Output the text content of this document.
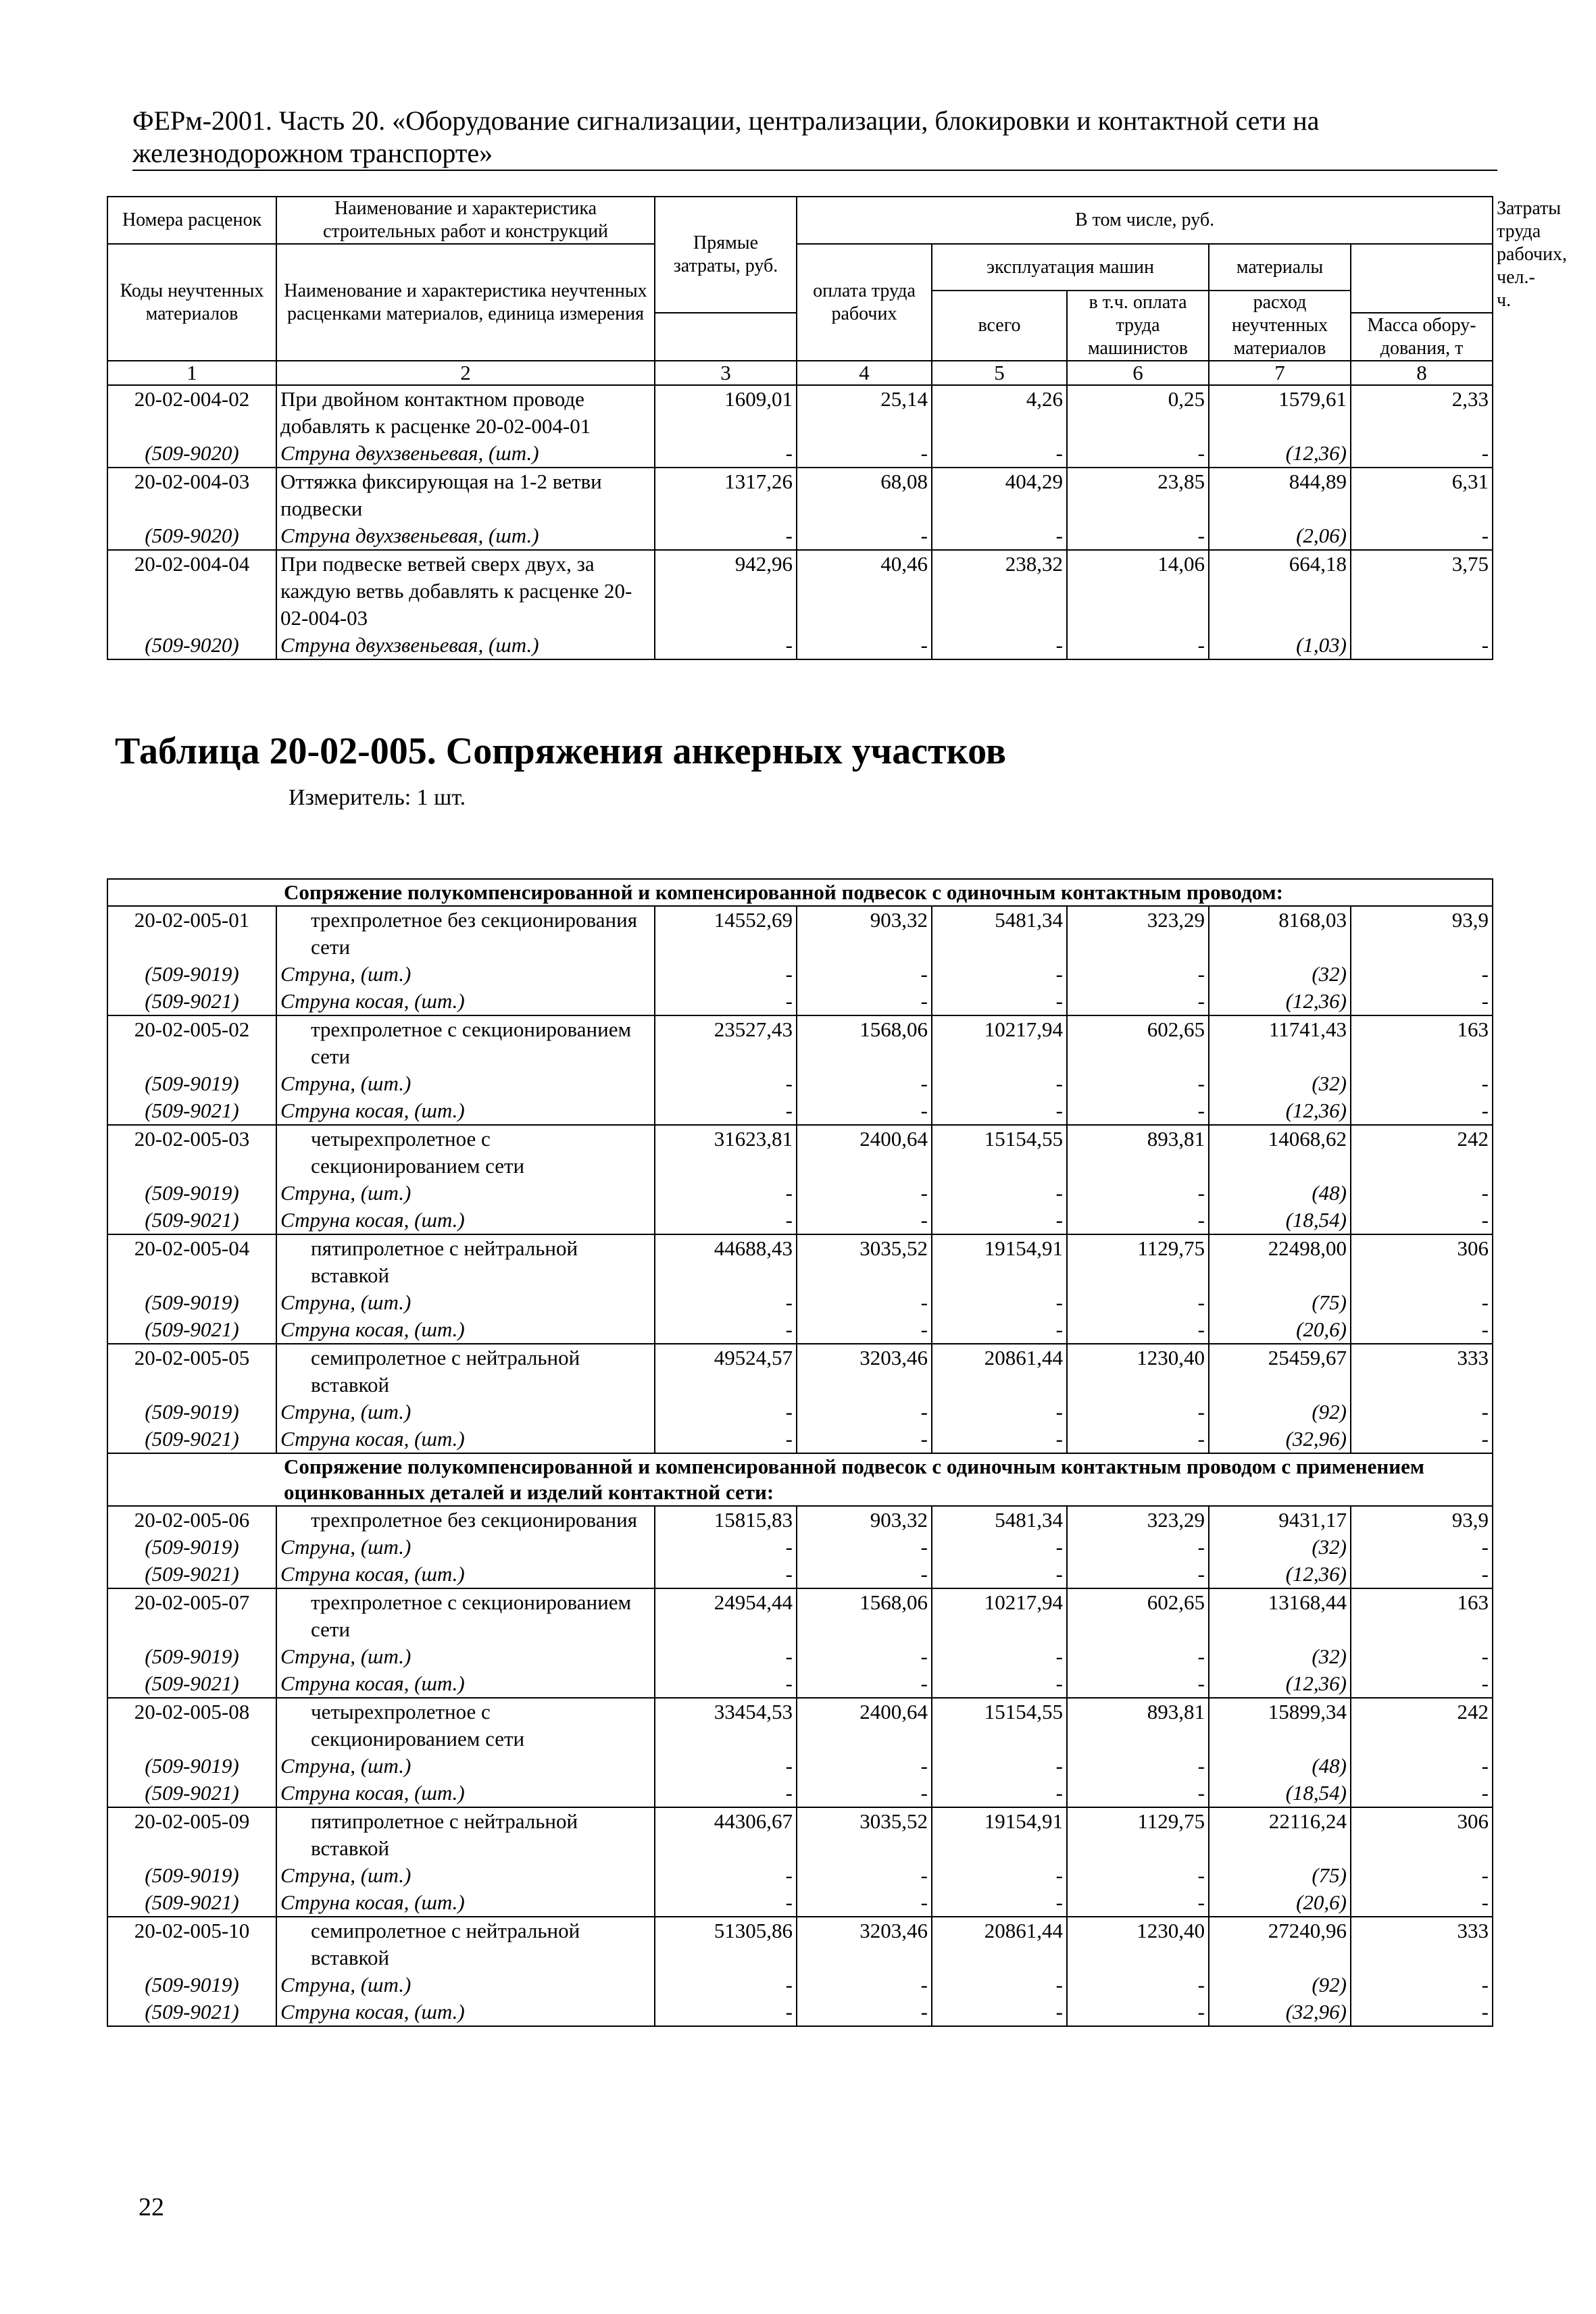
ФЕРм-2001. Часть 20. «Оборудование сигнализации, централизации, блокировки и контактной сети на
железнодорожном транспорте»
Номера расценок	Наименование и характеристика строительных работ и конструкций	Прямые затраты, руб.	В том числе, руб.					Затраты труда рабочих, чел.-ч.

Коды неучтенных материалов	Наименование и характеристика неучтенных расценками материалов, единица измерения		оплата труда рабочих	эксплуатация машин		материалы		
				всего	в т.ч. оплата труда машинистов	расход неучтенных материалов		
							Масса обору-дования, т	
1	2	3	4	5	6	7	8	
20-02-004-02	При двойном контактном проводе добавлять к расценке 20-02-004-01	1609,01	25,14	4,26	0,25	1579,61	2,33	
(509-9020)	Струна двухзвеньевая, (шт.)	-	-	-	-	(12,36)	-	
20-02-004-03	Оттяжка фиксирующая на 1-2 ветви подвески	1317,26	68,08	404,29	23,85	844,89	6,31	
(509-9020)	Струна двухзвеньевая, (шт.)	-	-	-	-	(2,06)	-	
20-02-004-04	При подвеске ветвей сверх двух, за каждую ветвь добавлять к расценке 20-02-004-03	942,96	40,46	238,32	14,06	664,18	3,75	
(509-9020)	Струна двухзвеньевая, (шт.)	-	-	-	-	(1,03)	-	
Таблица 20-02-005. Сопряжения анкерных участков
Измеритель: 1 шт.
Сопряжение полукомпенсированной и компенсированной подвесок с одиночным контактным проводом:							
20-02-005-01	трехпролетное без секционирования сети	14552,69	903,32	5481,34	323,29	8168,03	93,9
(509-9019)	Струна, (шт.)	-	-	-	-	(32)	-
(509-9021)	Струна косая, (шт.)	-	-	-	-	(12,36)	-
20-02-005-02	трехпролетное с секционированием сети	23527,43	1568,06	10217,94	602,65	11741,43	163
(509-9019)	Струна, (шт.)	-	-	-	-	(32)	-
(509-9021)	Струна косая, (шт.)	-	-	-	-	(12,36)	-
20-02-005-03	четырехпролетное с секционированием сети	31623,81	2400,64	15154,55	893,81	14068,62	242
(509-9019)	Струна, (шт.)	-	-	-	-	(48)	-
(509-9021)	Струна косая, (шт.)	-	-	-	-	(18,54)	-
20-02-005-04	пятипролетное с нейтральной вставкой	44688,43	3035,52	19154,91	1129,75	22498,00	306
(509-9019)	Струна, (шт.)	-	-	-	-	(75)	-
(509-9021)	Струна косая, (шт.)	-	-	-	-	(20,6)	-
20-02-005-05	семипролетное с нейтральной вставкой	49524,57	3203,46	20861,44	1230,40	25459,67	333
(509-9019)	Струна, (шт.)	-	-	-	-	(92)	-
(509-9021)	Струна косая, (шт.)	-	-	-	-	(32,96)	-
Сопряжение полукомпенсированной и компенсированной подвесок с одиночным контактным проводом с применением оцинкованных деталей и изделий контактной сети:							
20-02-005-06	трехпролетное без секционирования	15815,83	903,32	5481,34	323,29	9431,17	93,9
(509-9019)	Струна, (шт.)	-	-	-	-	(32)	-
(509-9021)	Струна косая, (шт.)	-	-	-	-	(12,36)	-
20-02-005-07	трехпролетное с секционированием сети	24954,44	1568,06	10217,94	602,65	13168,44	163
(509-9019)	Струна, (шт.)	-	-	-	-	(32)	-
(509-9021)	Струна косая, (шт.)	-	-	-	-	(12,36)	-
20-02-005-08	четырехпролетное с секционированием сети	33454,53	2400,64	15154,55	893,81	15899,34	242
(509-9019)	Струна, (шт.)	-	-	-	-	(48)	-
(509-9021)	Струна косая, (шт.)	-	-	-	-	(18,54)	-
20-02-005-09	пятипролетное с нейтральной вставкой	44306,67	3035,52	19154,91	1129,75	22116,24	306
(509-9019)	Струна, (шт.)	-	-	-	-	(75)	-
(509-9021)	Струна косая, (шт.)	-	-	-	-	(20,6)	-
20-02-005-10	семипролетное с нейтральной вставкой	51305,86	3203,46	20861,44	1230,40	27240,96	333
(509-9019)	Струна, (шт.)	-	-	-	-	(92)	-
(509-9021)	Струна косая, (шт.)	-	-	-	-	(32,96)	-
22
